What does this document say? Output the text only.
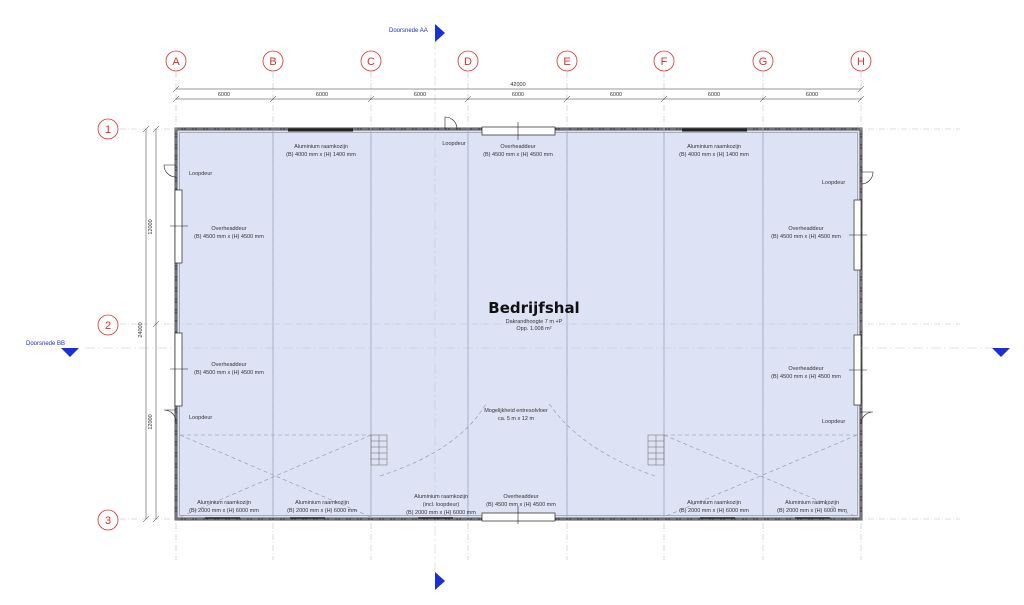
Doorsnede AA
Doorsnede BB
A	B	C	D	E	F	G	H
1
2
3
42000
6000	6000	6000	6000	6000	6000	6000
24000
12000
12000
Bedrijfshal
Dakrandhoogte 7 m +P
Opp. 1.008 m²
Mogelijkheid entresolvloer
ca. 5 m x 12 m
Aluminium raamkozijn
(B) 4000 mm x (H) 1400 mm
Loopdeur	Overheaddeur
(B) 4500 mm x (H) 4500 mm
Aluminium raamkozijn
(B) 4000 mm x (H) 1400 mm
Overheaddeur
(B) 4500 mm x (H) 4500 mm
Overheaddeur
(B) 4500 mm x (H) 4500 mm
Overheaddeur
(B) 4500 mm x (H) 4500 mm
Overheaddeur
(B) 4500 mm x (H) 4500 mm
Aluminium raamkozijn
(B) 2000 mm x (H) 6000 mm
Aluminium raamkozijn
(B) 2000 mm x (H) 6000 mm
Aluminium raamkozijn
(incl. loopdeur)
(B) 2000 mm x (H) 6000 mm
Overheaddeur
(B) 4500 mm x (H) 4500 mm	Aluminium raamkozijn
(B) 2000 mm x (H) 6000 mm
Aluminium raamkozijn
(B) 2000 mm x (H) 6000 mm
Loopdeur
Loopdeur
Loopdeur
Loopdeur
